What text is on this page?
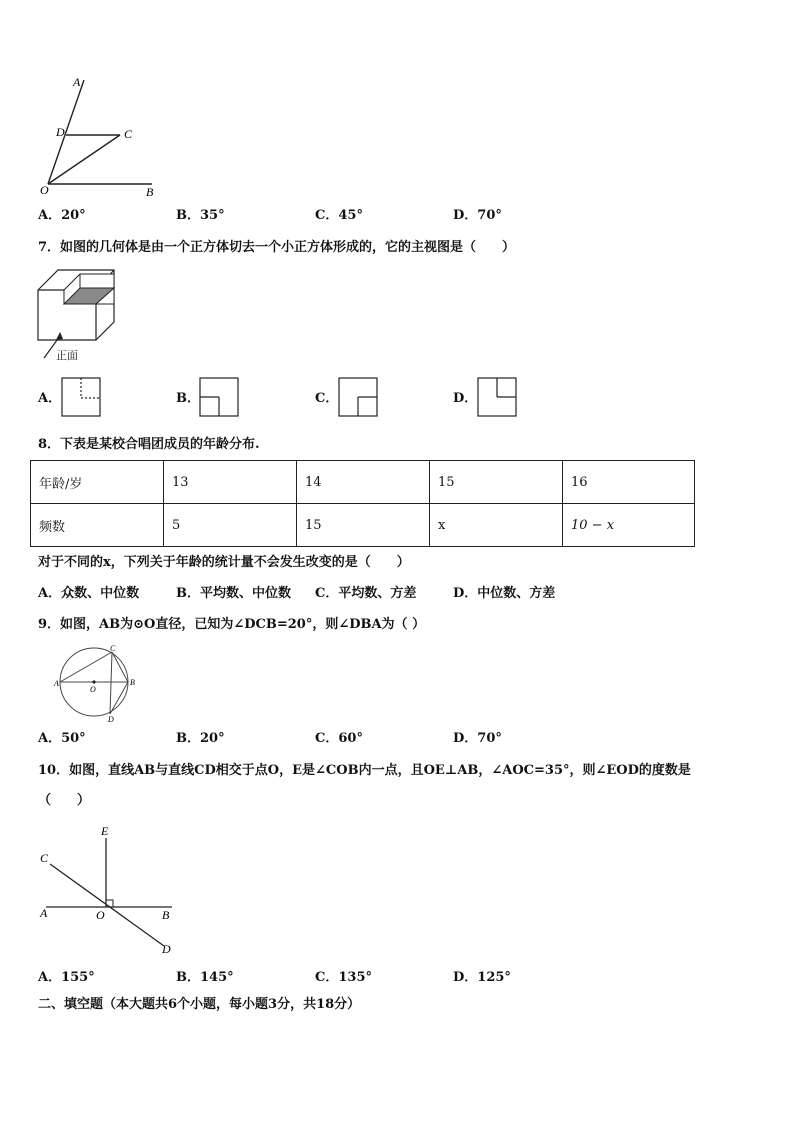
A
D	C
O	B
A．20°	B．35°	C．45°	D．70°
7．如图的几何体是由一个正方体切去一个小正方体形成的，它的主视图是（　　）
正面
A．	B．	C．	D．
8．下表是某校合唱团成员的年龄分布.
年龄/岁	13	14	15	16
频数	5	15	x	10 − x
对于不同的x，下列关于年龄的统计量不会发生改变的是（　　）
A．众数、中位数	B．平均数、中位数 C．平均数、方差	D．中位数、方差
9．如图，AB为⊙O直径，已知为∠DCB=20°，则∠DBA为（ ）
A
O
C
B
D
A．50°	B．20°	C．60°	D．70°
10．如图，直线AB与直线CD相交于点O，E是∠COB内一点，且OE⊥AB，∠AOC=35°，则∠EOD的度数是
（　　）
E
C
A	O	B
D
A．155°	B．145°	C．135°	D．125°
二、填空题（本大题共6个小题，每小题3分，共18分）
